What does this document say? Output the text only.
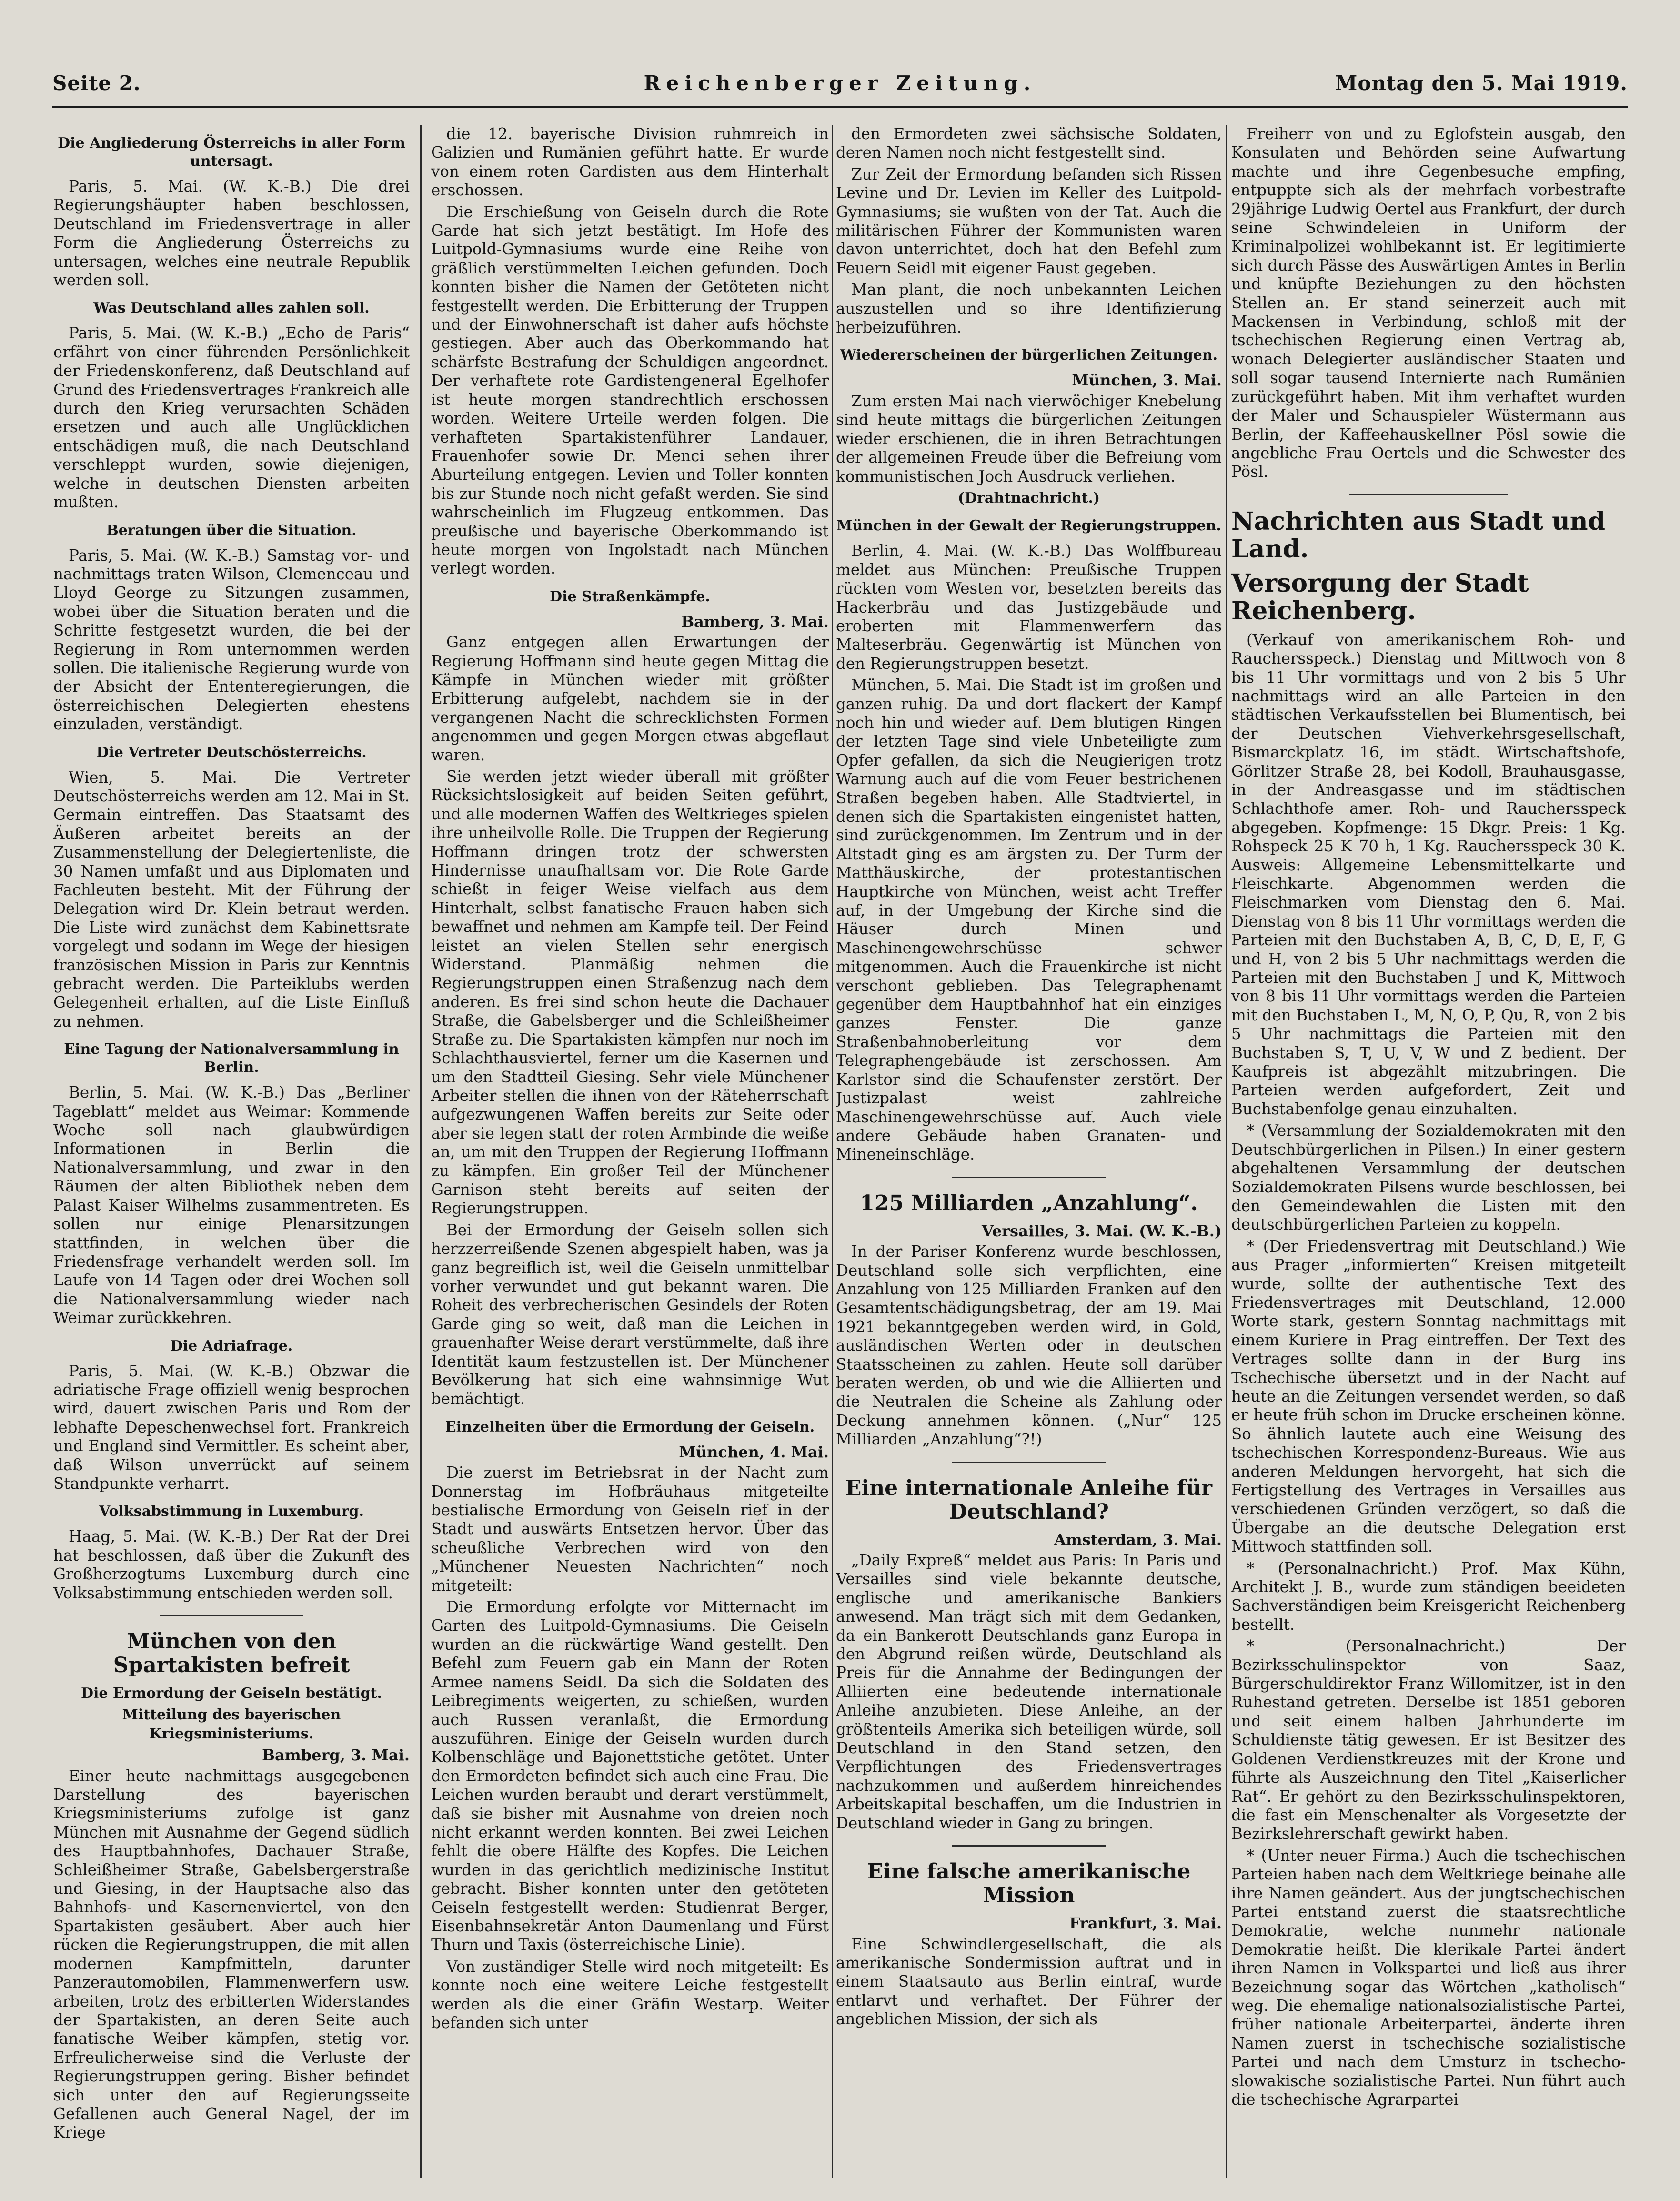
Seite 2.	Reichenberger Zeitung.	Montag den 5. Mai 1919.
Die Angliederung Österreichs in aller Form untersagt.

Paris, 5. Mai. (W. K.-B.) Die drei Regierungshäupter haben beschlossen, Deutschland im Friedensvertrage in aller Form die Angliederung Österreichs zu untersagen, welches eine neutrale Republik werden soll.

Was Deutschland alles zahlen soll.

Paris, 5. Mai. (W. K.-B.) „Echo de Paris“ erfährt von einer führenden Persönlichkeit der Friedenskonferenz, daß Deutschland auf Grund des Friedensvertrages Frankreich alle durch den Krieg verursachten Schäden ersetzen und auch alle Unglücklichen entschädigen muß, die nach Deutschland verschleppt wurden, sowie diejenigen, welche in deutschen Diensten arbeiten mußten.

Beratungen über die Situation.

Paris, 5. Mai. (W. K.-B.) Samstag vor- und nachmittags traten Wilson, Clemenceau und Lloyd George zu Sitzungen zusammen, wobei über die Situation beraten und die Schritte festgesetzt wurden, die bei der Regierung in Rom unternommen werden sollen. Die italienische Regierung wurde von der Absicht der Ententeregierungen, die österreichischen Delegierten ehestens einzuladen, verständigt.

Die Vertreter Deutschösterreichs.

Wien, 5. Mai. Die Vertreter Deutschösterreichs werden am 12. Mai in St. Germain eintreffen. Das Staatsamt des Äußeren arbeitet bereits an der Zusammenstellung der Delegiertenliste, die 30 Namen umfaßt und aus Diplomaten und Fachleuten besteht. Mit der Führung der Delegation wird Dr. Klein betraut werden. Die Liste wird zunächst dem Kabinettsrate vorgelegt und sodann im Wege der hiesigen französischen Mission in Paris zur Kenntnis gebracht werden. Die Parteiklubs werden Gelegenheit erhalten, auf die Liste Einfluß zu nehmen.

Eine Tagung der Nationalversammlung in Berlin.

Berlin, 5. Mai. (W. K.-B.) Das „Berliner Tageblatt“ meldet aus Weimar: Kommende Woche soll nach glaubwürdigen Informationen in Berlin die Nationalversammlung, und zwar in den Räumen der alten Bibliothek neben dem Palast Kaiser Wilhelms zusammentreten. Es sollen nur einige Plenarsitzungen stattfinden, in welchen über die Friedensfrage verhandelt werden soll. Im Laufe von 14 Tagen oder drei Wochen soll die Nationalversammlung wieder nach Weimar zurückkehren.

Die Adriafrage.

Paris, 5. Mai. (W. K.-B.) Obzwar die adriatische Frage offiziell wenig besprochen wird, dauert zwischen Paris und Rom der lebhafte Depeschenwechsel fort. Frankreich und England sind Vermittler. Es scheint aber, daß Wilson unverrückt auf seinem Standpunkte verharrt.

Volksabstimmung in Luxemburg.

Haag, 5. Mai. (W. K.-B.) Der Rat der Drei hat beschlossen, daß über die Zukunft des Großherzogtums Luxemburg durch eine Volksabstimmung entschieden werden soll.

München von den Spartakisten befreit
Die Ermordung der Geiseln bestätigt.
Mitteilung des bayerischen Kriegsministeriums.
Bamberg, 3. Mai.

Einer heute nachmittags ausgegebenen Darstellung des bayerischen Kriegsministeriums zufolge ist ganz München mit Ausnahme der Gegend südlich des Hauptbahnhofes, Dachauer Straße, Schleißheimer Straße, Gabelsbergerstraße und Giesing, in der Hauptsache also das Bahnhofs- und Kasernenviertel, von den Spartakisten gesäubert. Aber auch hier rücken die Regierungstruppen, die mit allen modernen Kampfmitteln, darunter Panzerautomobilen, Flammenwerfern usw. arbeiten, trotz des erbitterten Widerstandes der Spartakisten, an deren Seite auch fanatische Weiber kämpfen, stetig vor. Erfreulicherweise sind die Verluste der Regierungstruppen gering. Bisher befindet sich unter den auf Regierungsseite Gefallenen auch General Nagel, der im Kriege

die 12. bayerische Division ruhmreich in Galizien und Rumänien geführt hatte. Er wurde von einem roten Gardisten aus dem Hinterhalt erschossen.

Die Erschießung von Geiseln durch die Rote Garde hat sich jetzt bestätigt. Im Hofe des Luitpold-Gymnasiums wurde eine Reihe von gräßlich verstümmelten Leichen gefunden. Doch konnten bisher die Namen der Getöteten nicht festgestellt werden. Die Erbitterung der Truppen und der Einwohnerschaft ist daher aufs höchste gestiegen. Aber auch das Oberkommando hat schärfste Bestrafung der Schuldigen angeordnet. Der verhaftete rote Gardistengeneral Egelhofer ist heute morgen standrechtlich erschossen worden. Weitere Urteile werden folgen. Die verhafteten Spartakistenführer Landauer, Frauenhofer sowie Dr. Menci sehen ihrer Aburteilung entgegen. Levien und Toller konnten bis zur Stunde noch nicht gefaßt werden. Sie sind wahrscheinlich im Flugzeug entkommen. Das preußische und bayerische Oberkommando ist heute morgen von Ingolstadt nach München verlegt worden.

Die Straßenkämpfe.
Bamberg, 3. Mai.

Ganz entgegen allen Erwartungen der Regierung Hoffmann sind heute gegen Mittag die Kämpfe in München wieder mit größter Erbitterung aufgelebt, nachdem sie in der vergangenen Nacht die schrecklichsten Formen angenommen und gegen Morgen etwas abgeflaut waren.

Sie werden jetzt wieder überall mit größter Rücksichtslosigkeit auf beiden Seiten geführt, und alle modernen Waffen des Weltkrieges spielen ihre unheilvolle Rolle. Die Truppen der Regierung Hoffmann dringen trotz der schwersten Hindernisse unaufhaltsam vor. Die Rote Garde schießt in feiger Weise vielfach aus dem Hinterhalt, selbst fanatische Frauen haben sich bewaffnet und nehmen am Kampfe teil. Der Feind leistet an vielen Stellen sehr energisch Widerstand. Planmäßig nehmen die Regierungstruppen einen Straßenzug nach dem anderen. Es frei sind schon heute die Dachauer Straße, die Gabelsberger und die Schleißheimer Straße zu. Die Spartakisten kämpfen nur noch im Schlachthausviertel, ferner um die Kasernen und um den Stadtteil Giesing. Sehr viele Münchener Arbeiter stellen die ihnen von der Räteherrschaft aufgezwungenen Waffen bereits zur Seite oder aber sie legen statt der roten Armbinde die weiße an, um mit den Truppen der Regierung Hoffmann zu kämpfen. Ein großer Teil der Münchener Garnison steht bereits auf seiten der Regierungstruppen.

Bei der Ermordung der Geiseln sollen sich herzzerreißende Szenen abgespielt haben, was ja ganz begreiflich ist, weil die Geiseln unmittelbar vorher verwundet und gut bekannt waren. Die Roheit des verbrecherischen Gesindels der Roten Garde ging so weit, daß man die Leichen in grauenhafter Weise derart verstümmelte, daß ihre Identität kaum festzustellen ist. Der Münchener Bevölkerung hat sich eine wahnsinnige Wut bemächtigt.

Einzelheiten über die Ermordung der Geiseln.
München, 4. Mai.

Die zuerst im Betriebsrat in der Nacht zum Donnerstag im Hofbräuhaus mitgeteilte bestialische Ermordung von Geiseln rief in der Stadt und auswärts Entsetzen hervor. Über das scheußliche Verbrechen wird von den „Münchener Neuesten Nachrichten“ noch mitgeteilt:

Die Ermordung erfolgte vor Mitternacht im Garten des Luitpold-Gymnasiums. Die Geiseln wurden an die rückwärtige Wand gestellt. Den Befehl zum Feuern gab ein Mann der Roten Armee namens Seidl. Da sich die Soldaten des Leibregiments weigerten, zu schießen, wurden auch Russen veranlaßt, die Ermordung auszuführen. Einige der Geiseln wurden durch Kolbenschläge und Bajonettstiche getötet. Unter den Ermordeten befindet sich auch eine Frau. Die Leichen wurden beraubt und derart verstümmelt, daß sie bisher mit Ausnahme von dreien noch nicht erkannt werden konnten. Bei zwei Leichen fehlt die obere Hälfte des Kopfes. Die Leichen wurden in das gerichtlich medizinische Institut gebracht. Bisher konnten unter den getöteten Geiseln festgestellt werden: Studienrat Berger, Eisenbahnsekretär Anton Daumenlang und Fürst Thurn und Taxis (österreichische Linie).

Von zuständiger Stelle wird noch mitgeteilt: Es konnte noch eine weitere Leiche festgestellt werden als die einer Gräfin Westarp. Weiter befanden sich unter

den Ermordeten zwei sächsische Soldaten, deren Namen noch nicht festgestellt sind.

Zur Zeit der Ermordung befanden sich Rissen Levine und Dr. Levien im Keller des Luitpold-Gymnasiums; sie wußten von der Tat. Auch die militärischen Führer der Kommunisten waren davon unterrichtet, doch hat den Befehl zum Feuern Seidl mit eigener Faust gegeben.

Man plant, die noch unbekannten Leichen auszustellen und so ihre Identifizierung herbeizuführen.

Wiedererscheinen der bürgerlichen Zeitungen.
München, 3. Mai.

Zum ersten Mai nach vierwöchiger Knebelung sind heute mittags die bürgerlichen Zeitungen wieder erschienen, die in ihren Betrachtungen der allgemeinen Freude über die Befreiung vom kommunistischen Joch Ausdruck verliehen.

(Drahtnachricht.)
München in der Gewalt der Regierungstruppen.

Berlin, 4. Mai. (W. K.-B.) Das Wolffbureau meldet aus München: Preußische Truppen rückten vom Westen vor, besetzten bereits das Hackerbräu und das Justizgebäude und eroberten mit Flammenwerfern das Malteserbräu. Gegenwärtig ist München von den Regierungstruppen besetzt.

München, 5. Mai. Die Stadt ist im großen und ganzen ruhig. Da und dort flackert der Kampf noch hin und wieder auf. Dem blutigen Ringen der letzten Tage sind viele Unbeteiligte zum Opfer gefallen, da sich die Neugierigen trotz Warnung auch auf die vom Feuer bestrichenen Straßen begeben haben. Alle Stadtviertel, in denen sich die Spartakisten eingenistet hatten, sind zurückgenommen. Im Zentrum und in der Altstadt ging es am ärgsten zu. Der Turm der Matthäuskirche, der protestantischen Hauptkirche von München, weist acht Treffer auf, in der Umgebung der Kirche sind die Häuser durch Minen und Maschinengewehrschüsse schwer mitgenommen. Auch die Frauenkirche ist nicht verschont geblieben. Das Telegraphenamt gegenüber dem Hauptbahnhof hat ein einziges ganzes Fenster. Die ganze Straßenbahnoberleitung vor dem Telegraphengebäude ist zerschossen. Am Karlstor sind die Schaufenster zerstört. Der Justizpalast weist zahlreiche Maschinengewehrschüsse auf. Auch viele andere Gebäude haben Granaten- und Mineneinschläge.

125 Milliarden „Anzahlung“.
Versailles, 3. Mai. (W. K.-B.)

In der Pariser Konferenz wurde beschlossen, Deutschland solle sich verpflichten, eine Anzahlung von 125 Milliarden Franken auf den Gesamtentschädigungsbetrag, der am 19. Mai 1921 bekanntgegeben werden wird, in Gold, ausländischen Werten oder in deutschen Staatsscheinen zu zahlen. Heute soll darüber beraten werden, ob und wie die Alliierten und die Neutralen die Scheine als Zahlung oder Deckung annehmen können. („Nur“ 125 Milliarden „Anzahlung“?!)

Eine internationale Anleihe für Deutschland?
Amsterdam, 3. Mai.

„Daily Expreß“ meldet aus Paris: In Paris und Versailles sind viele bekannte deutsche, englische und amerikanische Bankiers anwesend. Man trägt sich mit dem Gedanken, da ein Bankerott Deutschlands ganz Europa in den Abgrund reißen würde, Deutschland als Preis für die Annahme der Bedingungen der Alliierten eine bedeutende internationale Anleihe anzubieten. Diese Anleihe, an der größtenteils Amerika sich beteiligen würde, soll Deutschland in den Stand setzen, den Verpflichtungen des Friedensvertrages nachzukommen und außerdem hinreichendes Arbeitskapital beschaffen, um die Industrien in Deutschland wieder in Gang zu bringen.

Eine falsche amerikanische Mission
Frankfurt, 3. Mai.

Eine Schwindlergesellschaft, die als amerikanische Sondermission auftrat und in einem Staatsauto aus Berlin eintraf, wurde entlarvt und verhaftet. Der Führer der angeblichen Mission, der sich als

Freiherr von und zu Eglofstein ausgab, den Konsulaten und Behörden seine Aufwartung machte und ihre Gegenbesuche empfing, entpuppte sich als der mehrfach vorbestrafte 29jährige Ludwig Oertel aus Frankfurt, der durch seine Schwindeleien in Uniform der Kriminalpolizei wohlbekannt ist. Er legitimierte sich durch Pässe des Auswärtigen Amtes in Berlin und knüpfte Beziehungen zu den höchsten Stellen an. Er stand seinerzeit auch mit Mackensen in Verbindung, schloß mit der tschechischen Regierung einen Vertrag ab, wonach Delegierter ausländischer Staaten und soll sogar tausend Internierte nach Rumänien zurückgeführt haben. Mit ihm verhaftet wurden der Maler und Schauspieler Wüstermann aus Berlin, der Kaffeehauskellner Pösl sowie die angebliche Frau Oertels und die Schwester des Pösl.

Nachrichten aus Stadt und Land.
Versorgung der Stadt Reichenberg.

(Verkauf von amerikanischem Roh- und Rauchersspeck.) Dienstag und Mittwoch von 8 bis 11 Uhr vormittags und von 2 bis 5 Uhr nachmittags wird an alle Parteien in den städtischen Verkaufsstellen bei Blumentisch, bei der Deutschen Viehverkehrsgesellschaft, Bismarckplatz 16, im städt. Wirtschaftshofe, Görlitzer Straße 28, bei Kodoll, Brauhausgasse, in der Andreasgasse und im städtischen Schlachthofe amer. Roh- und Rauchersspeck abgegeben. Kopfmenge: 15 Dkgr. Preis: 1 Kg. Rohspeck 25 K 70 h, 1 Kg. Rauchersspeck 30 K. Ausweis: Allgemeine Lebensmittelkarte und Fleischkarte. Abgenommen werden die Fleischmarken vom Dienstag den 6. Mai. Dienstag von 8 bis 11 Uhr vormittags werden die Parteien mit den Buchstaben A, B, C, D, E, F, G und H, von 2 bis 5 Uhr nachmittags werden die Parteien mit den Buchstaben J und K, Mittwoch von 8 bis 11 Uhr vormittags werden die Parteien mit den Buchstaben L, M, N, O, P, Qu, R, von 2 bis 5 Uhr nachmittags die Parteien mit den Buchstaben S, T, U, V, W und Z bedient. Der Kaufpreis ist abgezählt mitzubringen. Die Parteien werden aufgefordert, Zeit und Buchstabenfolge genau einzuhalten.

* (Versammlung der Sozialdemokraten mit den Deutschbürgerlichen in Pilsen.) In einer gestern abgehaltenen Versammlung der deutschen Sozialdemokraten Pilsens wurde beschlossen, bei den Gemeindewahlen die Listen mit den deutschbürgerlichen Parteien zu koppeln.

* (Der Friedensvertrag mit Deutschland.) Wie aus Prager „informierten“ Kreisen mitgeteilt wurde, sollte der authentische Text des Friedensvertrages mit Deutschland, 12.000 Worte stark, gestern Sonntag nachmittags mit einem Kuriere in Prag eintreffen. Der Text des Vertrages sollte dann in der Burg ins Tschechische übersetzt und in der Nacht auf heute an die Zeitungen versendet werden, so daß er heute früh schon im Drucke erscheinen könne. So ähnlich lautete auch eine Weisung des tschechischen Korrespondenz-Bureaus. Wie aus anderen Meldungen hervorgeht, hat sich die Fertigstellung des Vertrages in Versailles aus verschiedenen Gründen verzögert, so daß die Übergabe an die deutsche Delegation erst Mittwoch stattfinden soll.

* (Personalnachricht.) Prof. Max Kühn, Architekt J. B., wurde zum ständigen beeideten Sachverständigen beim Kreisgericht Reichenberg bestellt.

* (Personalnachricht.) Der Bezirksschulinspektor von Saaz, Bürgerschuldirektor Franz Willomitzer, ist in den Ruhestand getreten. Derselbe ist 1851 geboren und seit einem halben Jahrhunderte im Schuldienste tätig gewesen. Er ist Besitzer des Goldenen Verdienstkreuzes mit der Krone und führte als Auszeichnung den Titel „Kaiserlicher Rat“. Er gehört zu den Bezirksschulinspektoren, die fast ein Menschenalter als Vorgesetzte der Bezirkslehrerschaft gewirkt haben.

* (Unter neuer Firma.) Auch die tschechischen Parteien haben nach dem Weltkriege beinahe alle ihre Namen geändert. Aus der jungtschechischen Partei entstand zuerst die staatsrechtliche Demokratie, welche nunmehr nationale Demokratie heißt. Die klerikale Partei ändert ihren Namen in Volkspartei und ließ aus ihrer Bezeichnung sogar das Wörtchen „katholisch“ weg. Die ehemalige nationalsozialistische Partei, früher nationale Arbeiterpartei, änderte ihren Namen zuerst in tschechische sozialistische Partei und nach dem Umsturz in tschecho-slowakische sozialistische Partei. Nun führt auch die tschechische Agrarpartei
